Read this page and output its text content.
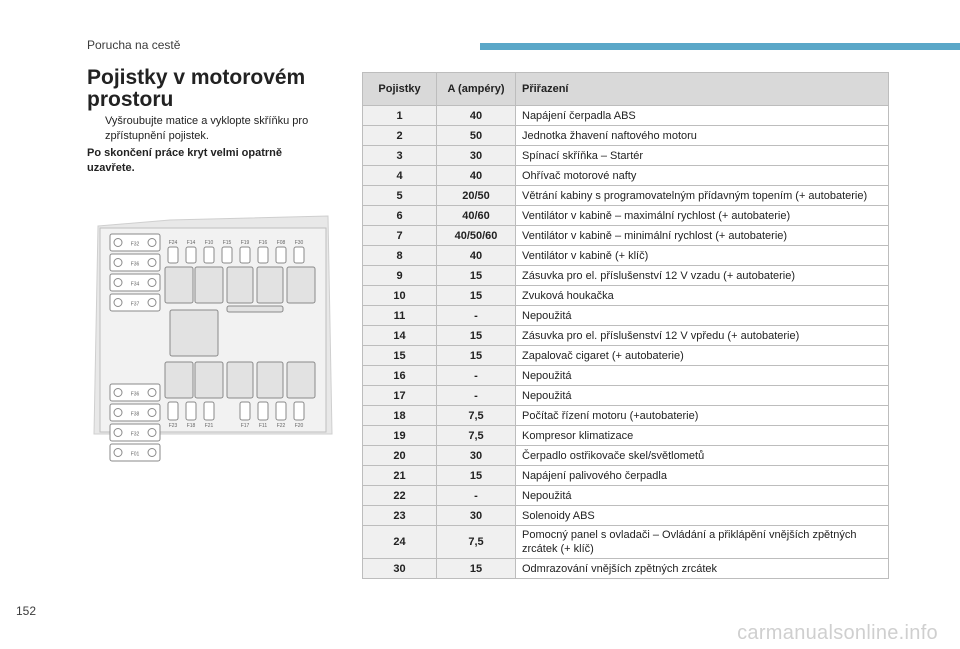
Porucha na cestě
Pojistky v motorovém prostoru
Vyšroubujte matice a vyklopte skříňku pro zpřístupnění pojistek.
Po skončení práce kryt velmi opatrně uzavřete.
F32
F36
F34
F37
F36
F38
F32
F01
F24 F14 F10 F15 F19 F16 F08 F30
F23 F18 F21	F17 F11 F22 F20
Pojistky	A (ampéry)	Přiřazení
1	40	Napájení čerpadla ABS
2	50	Jednotka žhavení naftového motoru
3	30	Spínací skříňka – Startér
4	40	Ohřívač motorové nafty
5	20/50	Větrání kabiny s programovatelným přídavným topením (+ autobaterie)
6	40/60	Ventilátor v kabině – maximální rychlost (+ autobaterie)
7	40/50/60	Ventilátor v kabině – minimální rychlost (+ autobaterie)
8	40	Ventilátor v kabině (+ klíč)
9	15	Zásuvka pro el. příslušenství 12 V vzadu (+ autobaterie)
10	15	Zvuková houkačka
11	-	Nepoužitá
14	15	Zásuvka pro el. příslušenství 12 V vpředu (+ autobaterie)
15	15	Zapalovač cigaret (+ autobaterie)
16	-	Nepoužitá
17	-	Nepoužitá
18	7,5	Počítač řízení motoru (+autobaterie)
19	7,5	Kompresor klimatizace
20	30	Čerpadlo ostřikovače skel/světlometů
21	15	Napájení palivového čerpadla
22	-	Nepoužitá
23	30	Solenoidy ABS
24	7,5	Pomocný panel s ovladači – Ovládání a přiklápění vnějších zpětných zrcátek (+ klíč)
30	15	Odmrazování vnějších zpětných zrcátek
152
carmanualsonline.info
